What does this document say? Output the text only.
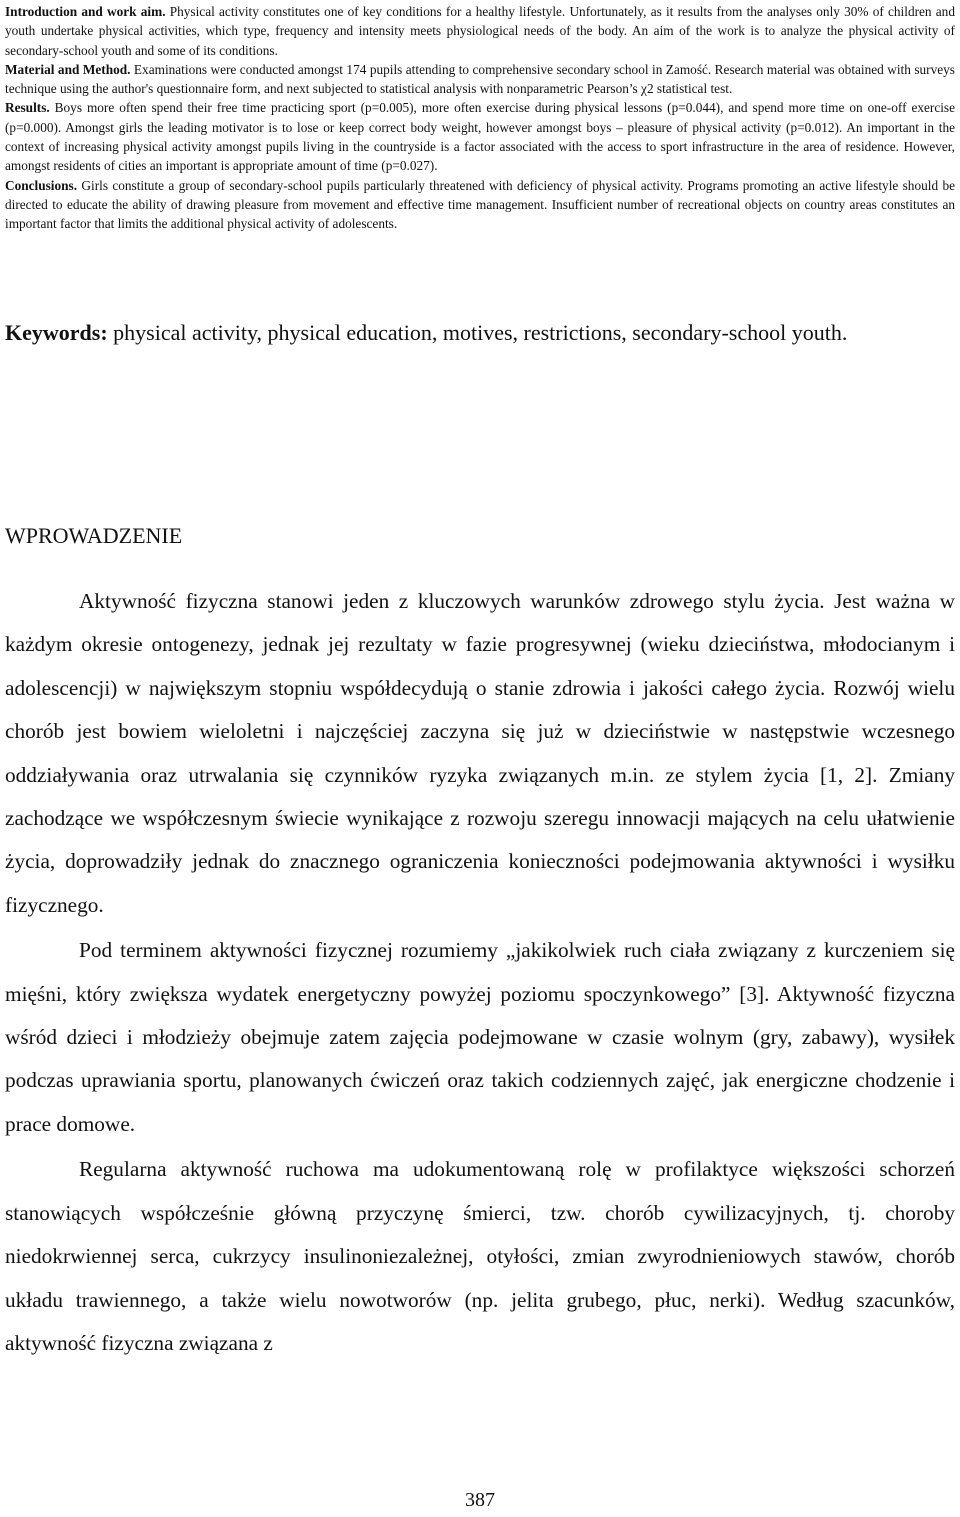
Introduction and work aim. Physical activity constitutes one of key conditions for a healthy lifestyle. Unfortunately, as it results from the analyses only 30% of children and youth undertake physical activities, which type, frequency and intensity meets physiological needs of the body. An aim of the work is to analyze the physical activity of secondary-school youth and some of its conditions.

Material and Method. Examinations were conducted amongst 174 pupils attending to comprehensive secondary school in Zamość. Research material was obtained with surveys technique using the author's questionnaire form, and next subjected to statistical analysis with nonparametric Pearson’s χ2 statistical test.

Results. Boys more often spend their free time practicing sport (p=0.005), more often exercise during physical lessons (p=0.044), and spend more time on one-off exercise (p=0.000). Amongst girls the leading motivator is to lose or keep correct body weight, however amongst boys – pleasure of physical activity (p=0.012). An important in the context of increasing physical activity amongst pupils living in the countryside is a factor associated with the access to sport infrastructure in the area of residence. However, amongst residents of cities an important is appropriate amount of time (p=0.027).

Conclusions. Girls constitute a group of secondary-school pupils particularly threatened with deficiency of physical activity. Programs promoting an active lifestyle should be directed to educate the ability of drawing pleasure from movement and effective time management. Insufficient number of recreational objects on country areas constitutes an important factor that limits the additional physical activity of adolescents.

Keywords: physical activity, physical education, motives, restrictions, secondary-school youth.
WPROWADZENIE

Aktywność fizyczna stanowi jeden z kluczowych warunków zdrowego stylu życia. Jest ważna w każdym okresie ontogenezy, jednak jej rezultaty w fazie progresywnej (wieku dzieciństwa, młodocianym i adolescencji) w największym stopniu współdecydują o stanie zdrowia i jakości całego życia. Rozwój wielu chorób jest bowiem wieloletni i najczęściej zaczyna się już w dzieciństwie w następstwie wczesnego oddziaływania oraz utrwalania się czynników ryzyka związanych m.in. ze stylem życia [1, 2]. Zmiany zachodzące we współczesnym świecie wynikające z rozwoju szeregu innowacji mających na celu ułatwienie życia, doprowadziły jednak do znacznego ograniczenia konieczności podejmowania aktywności i wysiłku fizycznego.

Pod terminem aktywności fizycznej rozumiemy „jakikolwiek ruch ciała związany z kurczeniem się mięśni, który zwiększa wydatek energetyczny powyżej poziomu spoczynkowego” [3]. Aktywność fizyczna wśród dzieci i młodzieży obejmuje zatem zajęcia podejmowane w czasie wolnym (gry, zabawy), wysiłek podczas uprawiania sportu, planowanych ćwiczeń oraz takich codziennych zajęć, jak energiczne chodzenie i prace domowe.

Regularna aktywność ruchowa ma udokumentowaną rolę w profilaktyce większości schorzeń stanowiących współcześnie główną przyczynę śmierci, tzw. chorób cywilizacyjnych, tj. choroby niedokrwiennej serca, cukrzycy insulinoniezależnej, otyłości, zmian zwyrodnieniowych stawów, chorób układu trawiennego, a także wielu nowotworów (np. jelita grubego, płuc, nerki). Według szacunków, aktywność fizyczna związana z

387
